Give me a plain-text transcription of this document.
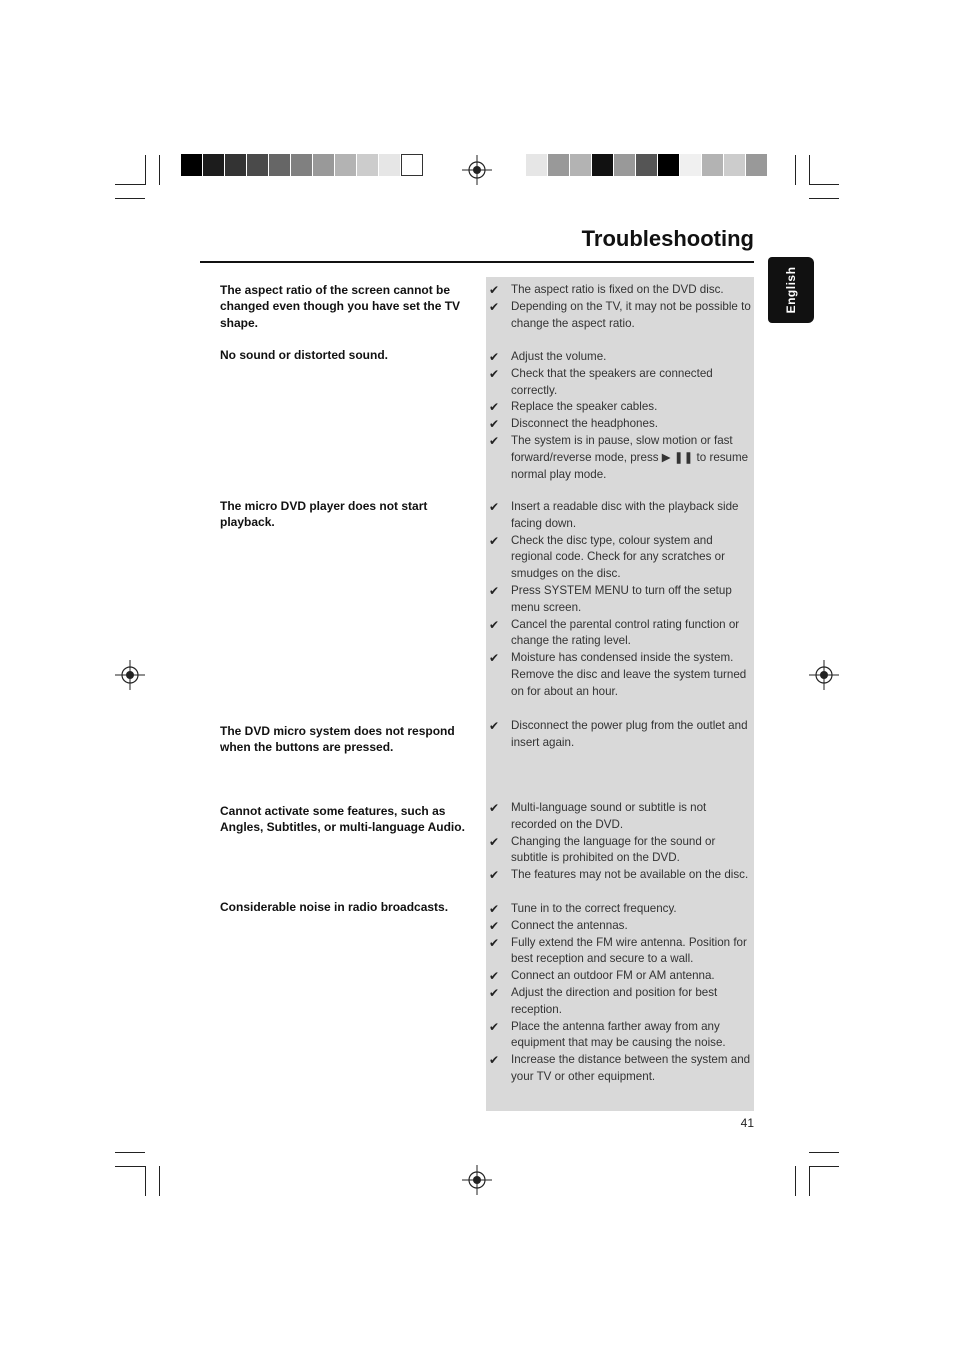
Troubleshooting
English

The aspect ratio of the screen cannot be changed even though you have set the TV shape.

✔ The aspect ratio is fixed on the DVD disc.
✔ Depending on the TV, it may not be possible to change the aspect ratio.

No sound or distorted sound.	✔ Adjust the volume.
✔ Check that the speakers are connected correctly.
✔ Replace the speaker cables.
✔ Disconnect the headphones.
✔ The system is in pause, slow motion or fast forward/reverse mode, press ▶ ❚❚ to resume normal play mode.

The micro DVD player does not start playback.

✔ Insert a readable disc with the playback side facing down.
✔ Check the disc type, colour system and regional code. Check for any scratches or smudges on the disc.
✔ Press SYSTEM MENU to turn off the setup menu screen.
✔ Cancel the parental control rating function or change the rating level.
✔ Moisture has condensed inside the system. Remove the disc and leave the system turned on for about an hour.

The DVD micro system does not respond when the buttons are pressed.

✔ Disconnect the power plug from the outlet and insert again.

Cannot activate some features, such as Angles, Subtitles, or multi-language Audio.

✔ Multi-language sound or subtitle is not recorded on the DVD.
✔ Changing the language for the sound or subtitle is prohibited on the DVD.
✔ The features may not be available on the disc.

Considerable noise in radio broadcasts.	✔ Tune in to the correct frequency.
✔ Connect the antennas.
✔ Fully extend the FM wire antenna. Position for best reception and secure to a wall.
✔ Connect an outdoor FM or AM antenna.
✔ Adjust the direction and position for best reception.
✔ Place the antenna farther away from any equipment that may be causing the noise.
✔ Increase the distance between the system and your TV or other equipment.
41
